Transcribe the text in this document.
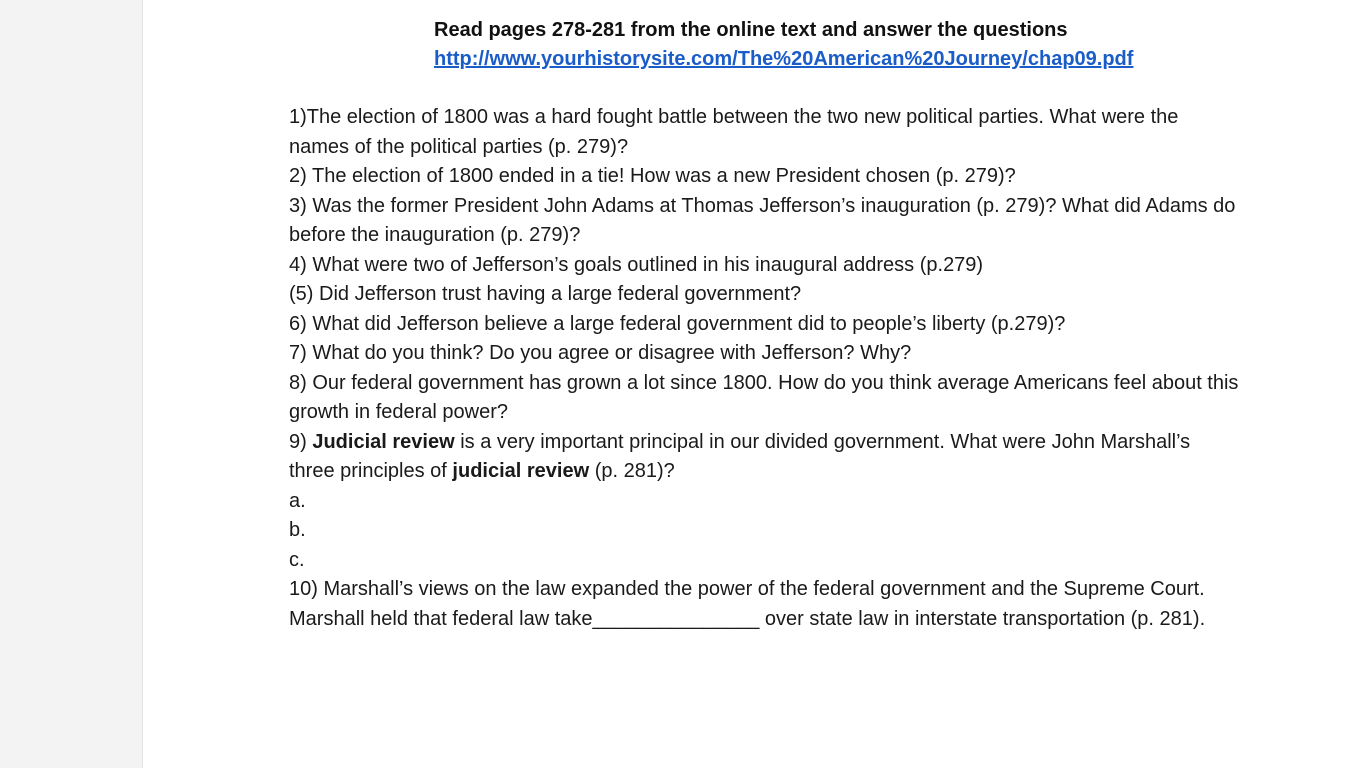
Read pages 278-281 from the online text and answer the questions
http://www.yourhistorysite.com/The%20American%20Journey/chap09.pdf

1)The election of 1800 was a hard fought battle between the two new political parties. What were the names of the political parties (p. 279)?

2) The election of 1800 ended in a tie! How was a new President chosen (p. 279)?

3) Was the former President John Adams at Thomas Jefferson’s inauguration (p. 279)? What did Adams do before the inauguration (p. 279)?

4) What were two of Jefferson’s goals outlined in his inaugural address (p.279)

(5) Did Jefferson trust having a large federal government?

6) What did Jefferson believe a large federal government did to people’s liberty (p.279)?

7) What do you think? Do you agree or disagree with Jefferson? Why?

8) Our federal government has grown a lot since 1800. How do you think average Americans feel about this growth in federal power?

9) Judicial review is a very important principal in our divided government. What were John Marshall’s three principles of judicial review (p. 281)?

a.

b.

c.

10) Marshall’s views on the law expanded the power of the federal government and the Supreme Court. Marshall held that federal law take_______________ over state law in interstate transportation (p. 281).
